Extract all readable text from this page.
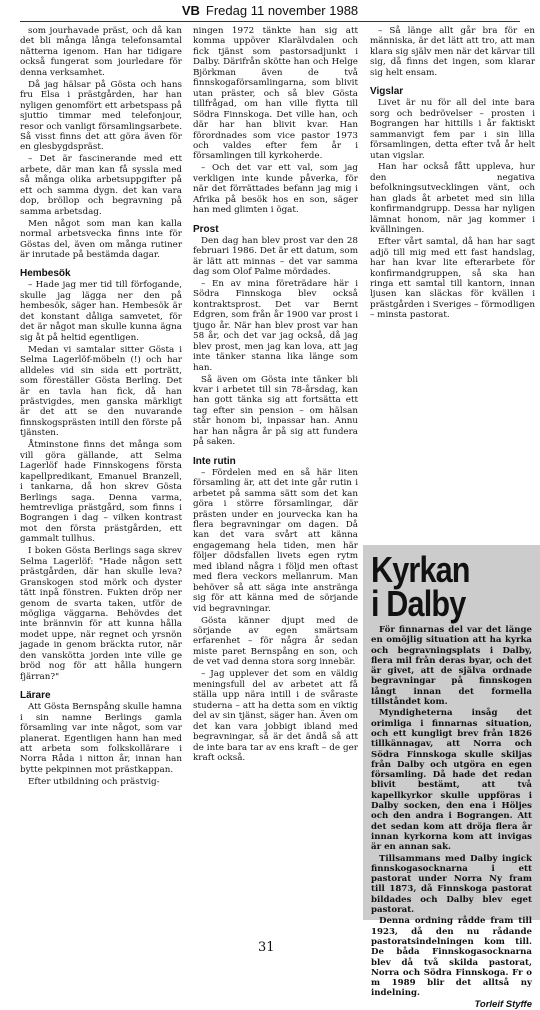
VB Fredag 11 november 1988

som jourhavade präst, och då kan det bli många långa telefonsamtal nätterna igenom. Han har tidigare också fungerat som jourledare för denna verksamhet.

Då jag hälsar på Gösta och hans fru Elsa i prästgården, har han nyligen genomfört ett arbetspass på sjuttio timmar med telefonjour, resor och vanligt församlingsarbete. Så visst finns det att göra även för en glesbygdspräst.

– Det är fascinerande med ett arbete, där man kan få syssla med så många olika arbetsuppgifter på ett och samma dygn. det kan vara dop, bröllop och begravning på samma arbetsdag.

Men något som man kan kalla normal arbetsvecka finns inte för Göstas del, även om många rutiner är inrutade på bestämda dagar.

Hembesök

– Hade jag mer tid till förfogande, skulle jag lägga ner den på hembesök, säger han. Hembesök är det konstant dåliga samvetet, för det är något man skulle kunna ägna sig åt på heltid egentligen.

Medan vi samtalar sitter Gösta i Selma Lagerlöf-möbeln (!) och har alldeles vid sin sida ett porträtt, som föreställer Gösta Berling. Det är en tavla han fick, då han prästvigdes, men ganska märkligt är det att se den nuvarande finnskogsprästen intill den förste på tjänsten.

Åtminstone finns det många som vill göra gällande, att Selma Lagerlöf hade Finnskogens första kapellpredikant, Emanuel Branzell, i tankarna, då hon skrev Gösta Berlings saga. Denna varma, hemtrevliga prästgård, som finns i Bograngen i dag – vilken kontrast mot den första prästgården, ett gammalt tullhus.

I boken Gösta Berlings saga skrev Selma Lagerlöf: "Hade någon sett prästgården, där han skulle leva? Granskogen stod mörk och dyster tätt inpå fönstren. Fukten dröp ner genom de svarta taken, utför de mögliga väggarna. Behövdes det inte brännvin för att kunna hålla modet uppe, när regnet och yrsnön jagade in genom bräckta rutor, när den vanskötta jorden inte ville ge bröd nog för att hålla hungern fjärran?"

Lärare

Att Gösta Bernspång skulle hamna i sin namne Berlings gamla församling var inte något, som var planerat. Egentligen hann han med att arbeta som folkskollärare i Norra Råda i nitton år, innan han bytte pekpinnen mot prästkappan.

Efter utbildning och prästvig-

ningen 1972 tänkte han sig att komma uppöver Klarälvdalen och fick tjänst som pastorsadjunkt i Dalby. Därifrån sköttе han och Helge Björkman även de två finnskogaförsamlingarna, som blivit utan präster, och så blev Gösta tillfrågad, om han ville flytta till Södra Finnskoga. Det ville han, och där har han blivit kvar. Han förordnades som vice pastor 1973 och valdes efter fem år i församlingen till kyrkoherde.

– Och det var ett val, som jag verkligen inte kunde påverka, för när det förrättades befann jag mig i Afrika på besök hos en son, säger han med glimten i ögat.

Prost

Den dag han blev prost var den 28 februari 1986. Det är ett datum, som är lätt att minnas – det var samma dag som Olof Palme mördades.

– En av mina företrädare här i Södra Finnskoga blev också kontraktsprost. Det var Bernt Edgren, som från år 1900 var prost i tjugo år. När han blev prost var han 58 år, och det var jag också, då jag blev prost, men jag kan lova, att jag inte tänker stanna lika länge som han.

Så även om Gösta inte tänker bli kvar i arbetet till sin 78-årsdag, kan han gott tänka sig att fortsätta ett tag efter sin pension – om hälsan står honom bi, inpassar han. Annu har han några år på sig att fundera på saken.

Inte rutin

– Fördelen med en så här liten församling är, att det inte går rutin i arbetet på samma sätt som det kan göra i större församlingar, där prästen under en jourvecka kan ha flera begravningar om dagen. Då kan det vara svårt att känna engagemang hela tiden, men här följer dödsfallen livets egen rytm med ibland några i följd men oftast med flera veckors mellanrum. Man behöver så att säga inte anstränga sig för att känna med de sörjande vid begravningar.

Gösta känner djupt med de sörjande av egen smärtsam erfarenhet – för några år sedan miste paret Bernspång en son, och de vet vad denna stora sorg innebär.

– Jag upplever det som en väldig meningsfull del av arbetet att få ställa upp nära intill i de svåraste studerna – att ha detta som en viktig del av sin tjänst, säger han. Även om det kan vara jobbigt ibland med begravningar, så är det ändå så att de inte bara tar av ens kraft – de ger kraft också.

– Så länge allt går bra för en människa, är det lätt att tro, att man klara sig själv men när det kärvar till sig, då finns det ingen, som klarar sig helt ensam.

Vigslar

Livet är nu för all del inte bara sorg och bedrövelser – prosten i Bograngen har hittills i år faktiskt sammanvigt fem par i sin lilla församlingen, detta efter två år helt utan vigslar.

Han har också fått uppleva, hur den negativa befolkningsutvecklingen vänt, och han glads åt arbetet med sin lilla konfirmandgrupp. Dessa har nyligen lämnat honom, när jag kommer i kvällningen.

Efter vårt samtal, då han har sagt adjö till mig med ett fast handslag, har han kvar lite efterarbete för konfirmandgruppen, så ska han ringa ett samtal till kantorn, innan ljusen kan släckas för kvällen i prästgården i Sveriges – förmodligen – minsta pastorat.

Kyrkan
i Dalby

För finnarnas del var det länge en omöjlig situation att ha kyrka och begravningsplats i Dalby, flera mil från deras byar, och det är givet, att de själva ordnade begravningar på finnskogen långt innan det formella tillståndet kom.

Myndigheterna insåg det orimliga i finnarnas situation, och ett kungligt brev från 1826 tillkännagav, att Norra och Södra Finnskoga skulle skiljas från Dalby och utgöra en egen församling. Då hade det redan blivit bestämt, att två kapellkyrkor skulle uppföras i Dalby socken, den ena i Höljes och den andra i Bograngen. Att det sedan kom att dröja flera år innan kyrkorna kom att invigas är en annan sak.

Tillsammans med Dalby ingick finnskogasocknarna i ett pastorat under Norra Ny fram till 1873, då Finnskoga pastorat bildades och Dalby blev eget pastorat.

Denna ordning rådde fram till 1923, då den nu rådande pastoratsindelningen kom till. De båda Finnskogasocknarna blev då två skilda pastorat, Norra och Södra Finnskoga. Fr o m 1989 blir det alltså ny indelning.

Torleif Styffe
31
